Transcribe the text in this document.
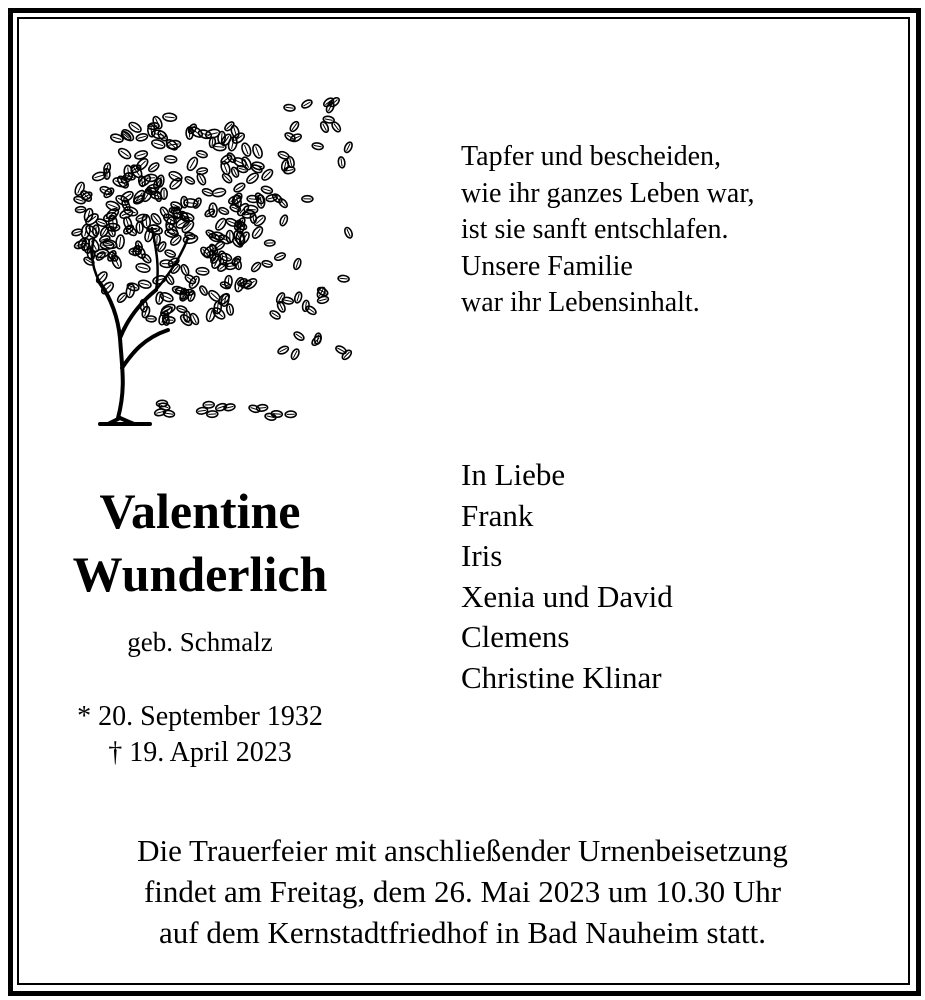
Tapfer und bescheiden,
wie ihr ganzes Leben war,
ist sie sanft entschlafen.
Unsere Familie
war ihr Lebensinhalt.
Valentine
Wunderlich
geb. Schmalz
* 20. September 1932
† 19. April 2023
In Liebe
Frank
Iris
Xenia und David
Clemens
Christine Klinar
Die Trauerfeier mit anschließender Urnenbeisetzung
findet am Freitag, dem 26. Mai 2023 um 10.30 Uhr
auf dem Kernstadtfriedhof in Bad Nauheim statt.
